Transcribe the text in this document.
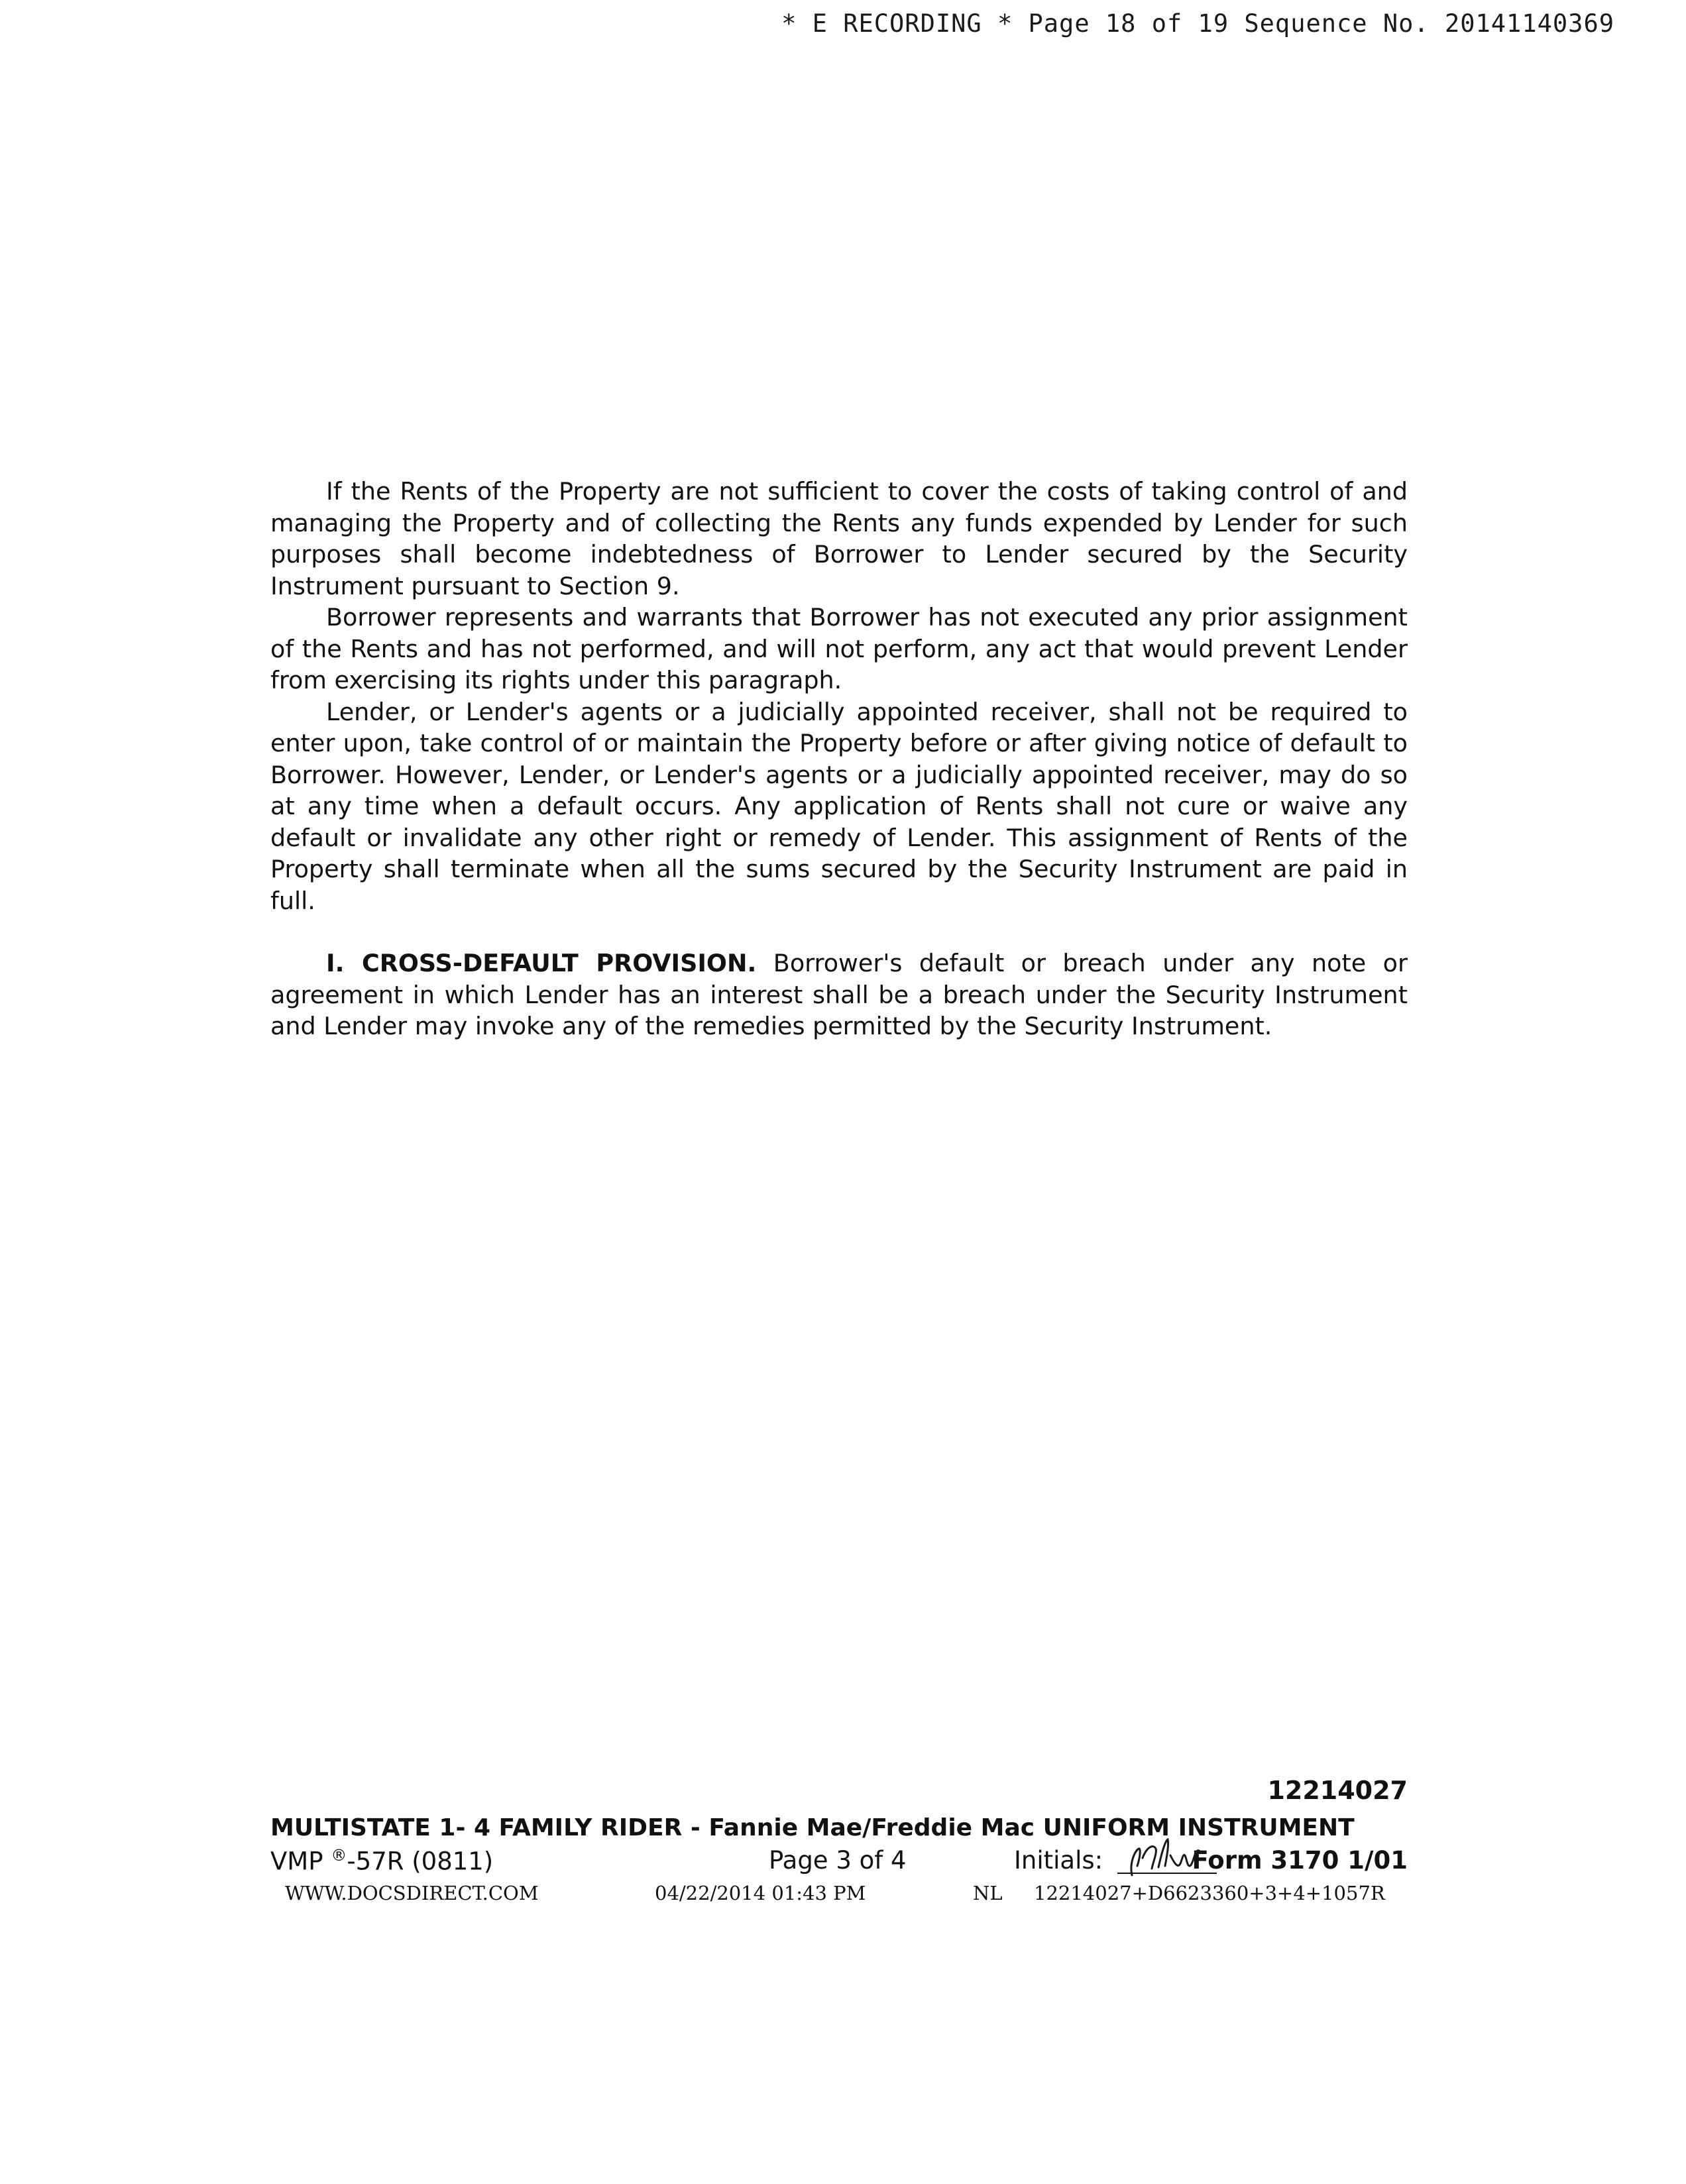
* E RECORDING * Page 18 of 19 Sequence No. 20141140369

If the Rents of the Property are not sufficient to cover the costs of taking control of and managing the Property and of collecting the Rents any funds expended by Lender for such purposes shall become indebtedness of Borrower to Lender secured by the Security Instrument pursuant to Section 9.

Borrower represents and warrants that Borrower has not executed any prior assignment of the Rents and has not performed, and will not perform, any act that would prevent Lender from exercising its rights under this paragraph.

Lender, or Lender's agents or a judicially appointed receiver, shall not be required to enter upon, take control of or maintain the Property before or after giving notice of default to Borrower. However, Lender, or Lender's agents or a judicially appointed receiver, may do so at any time when a default occurs. Any application of Rents shall not cure or waive any default or invalidate any other right or remedy of Lender. This assignment of Rents of the Property shall terminate when all the sums secured by the Security Instrument are paid in full.

I. CROSS-DEFAULT PROVISION. Borrower's default or breach under any note or agreement in which Lender has an interest shall be a breach under the Security Instrument and Lender may invoke any of the remedies permitted by the Security Instrument.

12214027
MULTISTATE 1- 4 FAMILY RIDER - Fannie Mae/Freddie Mac UNIFORM INSTRUMENT
VMP ®-57R (0811)	Page 3 of 4	Initials:	Form 3170 1/01
WWW.DOCSDIRECT.COM	04/22/2014 01:43 PM	NL 12214027+D6623360+3+4+1057R
